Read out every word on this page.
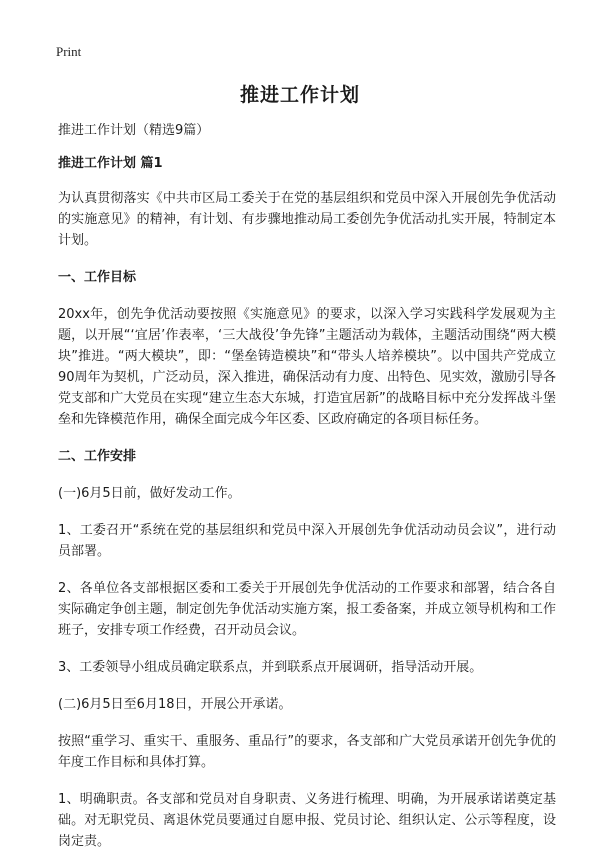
Print
推进工作计划

推进工作计划（精选9篇）

推进工作计划 篇1

为认真贯彻落实《中共市区局工委关于在党的基层组织和党员中深入开展创先争优活动的实施意见》的精神，有计划、有步骤地推动局工委创先争优活动扎实开展，特制定本计划。

一、工作目标

20xx年，创先争优活动要按照《实施意见》的要求，以深入学习实践科学发展观为主题，以开展“‘宜居’作表率，‘三大战役’争先锋”主题活动为载体，主题活动围绕“两大模块”推进。“两大模块”，即：“堡垒铸造模块”和“带头人培养模块”。以中国共产党成立90周年为契机，广泛动员，深入推进，确保活动有力度、出特色、见实效，激励引导各党支部和广大党员在实现“建立生态大东城，打造宜居新”的战略目标中充分发挥战斗堡垒和先锋模范作用，确保全面完成今年区委、区政府确定的各项目标任务。

二、工作安排

(一)6月5日前，做好发动工作。

1、工委召开“系统在党的基层组织和党员中深入开展创先争优活动动员会议”，进行动员部署。

2、各单位各支部根据区委和工委关于开展创先争优活动的工作要求和部署，结合各自实际确定争创主题，制定创先争优活动实施方案，报工委备案，并成立领导机构和工作班子，安排专项工作经费，召开动员会议。

3、工委领导小组成员确定联系点，并到联系点开展调研，指导活动开展。

(二)6月5日至6月18日，开展公开承诺。

按照“重学习、重实干、重服务、重品行”的要求，各支部和广大党员承诺开创先争优的年度工作目标和具体打算。

1、明确职责。各支部和党员对自身职责、义务进行梳理、明确，为开展承诺诺奠定基础。对无职党员、离退休党员要通过自愿申报、党员讨论、组织认定、公示等程度，设岗定责。
